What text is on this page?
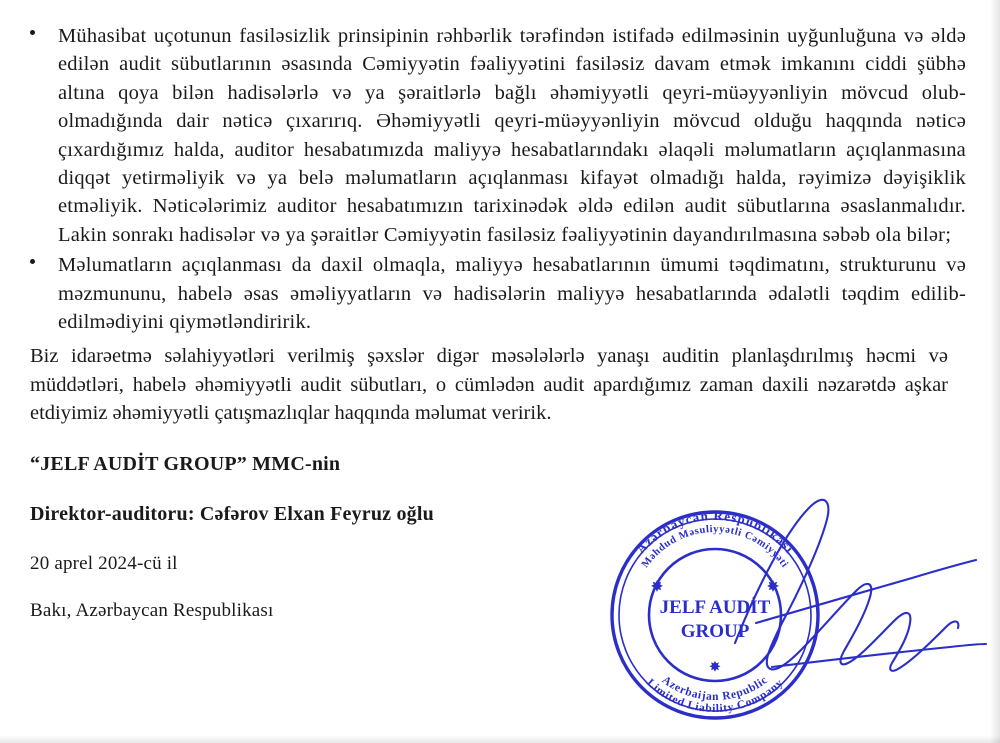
Mühasibat uçotunun fasiləsizlik prinsipinin rəhbərlik tərəfindən istifadə edilməsinin uyğunluğuna və əldə edilən audit sübutlarının əsasında Cəmiyyətin fəaliyyətini fasiləsiz davam etmək imkanını ciddi şübhə altına qoya bilən hadisələrlə və ya şəraitlərlə bağlı əhəmiyyətli qeyri-müəyyənliyin mövcud olub-olmadığında dair nəticə çıxarırıq. Əhəmiyyətli qeyri-müəyyənliyin mövcud olduğu haqqında nəticə çıxardığımız halda, auditor hesabatımızda maliyyə hesabatlarındakı əlaqəli məlumatların açıqlanmasına diqqət yetirməliyik və ya belə məlumatların açıqlanması kifayət olmadığı halda, rəyimizə dəyişiklik etməliyik. Nəticələrimiz auditor hesabatımızın tarixinədək əldə edilən audit sübutlarına əsaslanmalıdır. Lakin sonrakı hadisələr və ya şəraitlər Cəmiyyətin fasiləsiz fəaliyyətinin dayandırılmasına səbəb ola bilər;

Məlumatların açıqlanması da daxil olmaqla, maliyyə hesabatlarının ümumi təqdimatını, strukturunu və məzmununu, habelə əsas əməliyyatların və hadisələrin maliyyə hesabatlarında ədalətli təqdim edilib-edilmədiyini qiymətləndiririk.

Biz idarəetmə səlahiyyətləri verilmiş şəxslər digər məsələlərlə yanaşı auditin planlaşdırılmış həcmi və müddətləri, habelə əhəmiyyətli audit sübutları, o cümlədən audit apardığımız zaman daxili nəzarətdə aşkar etdiyimiz əhəmiyyətli çatışmazlıqlar haqqında məlumat veririk.

“JELF AUDİT GROUP” MMC-nin
Direktor-auditoru: Cəfərov Elxan Feyruz oğlu
20 aprel 2024-cü il
Bakı, Azərbaycan Respublikası
Azərbaycan Respublikası
Məhdud Məsuliyyətli Cəmiyyəti
Limited Liability Company
Azerbaijan Republic
JELF AUDİT
GROUP
✸	✸
✸
